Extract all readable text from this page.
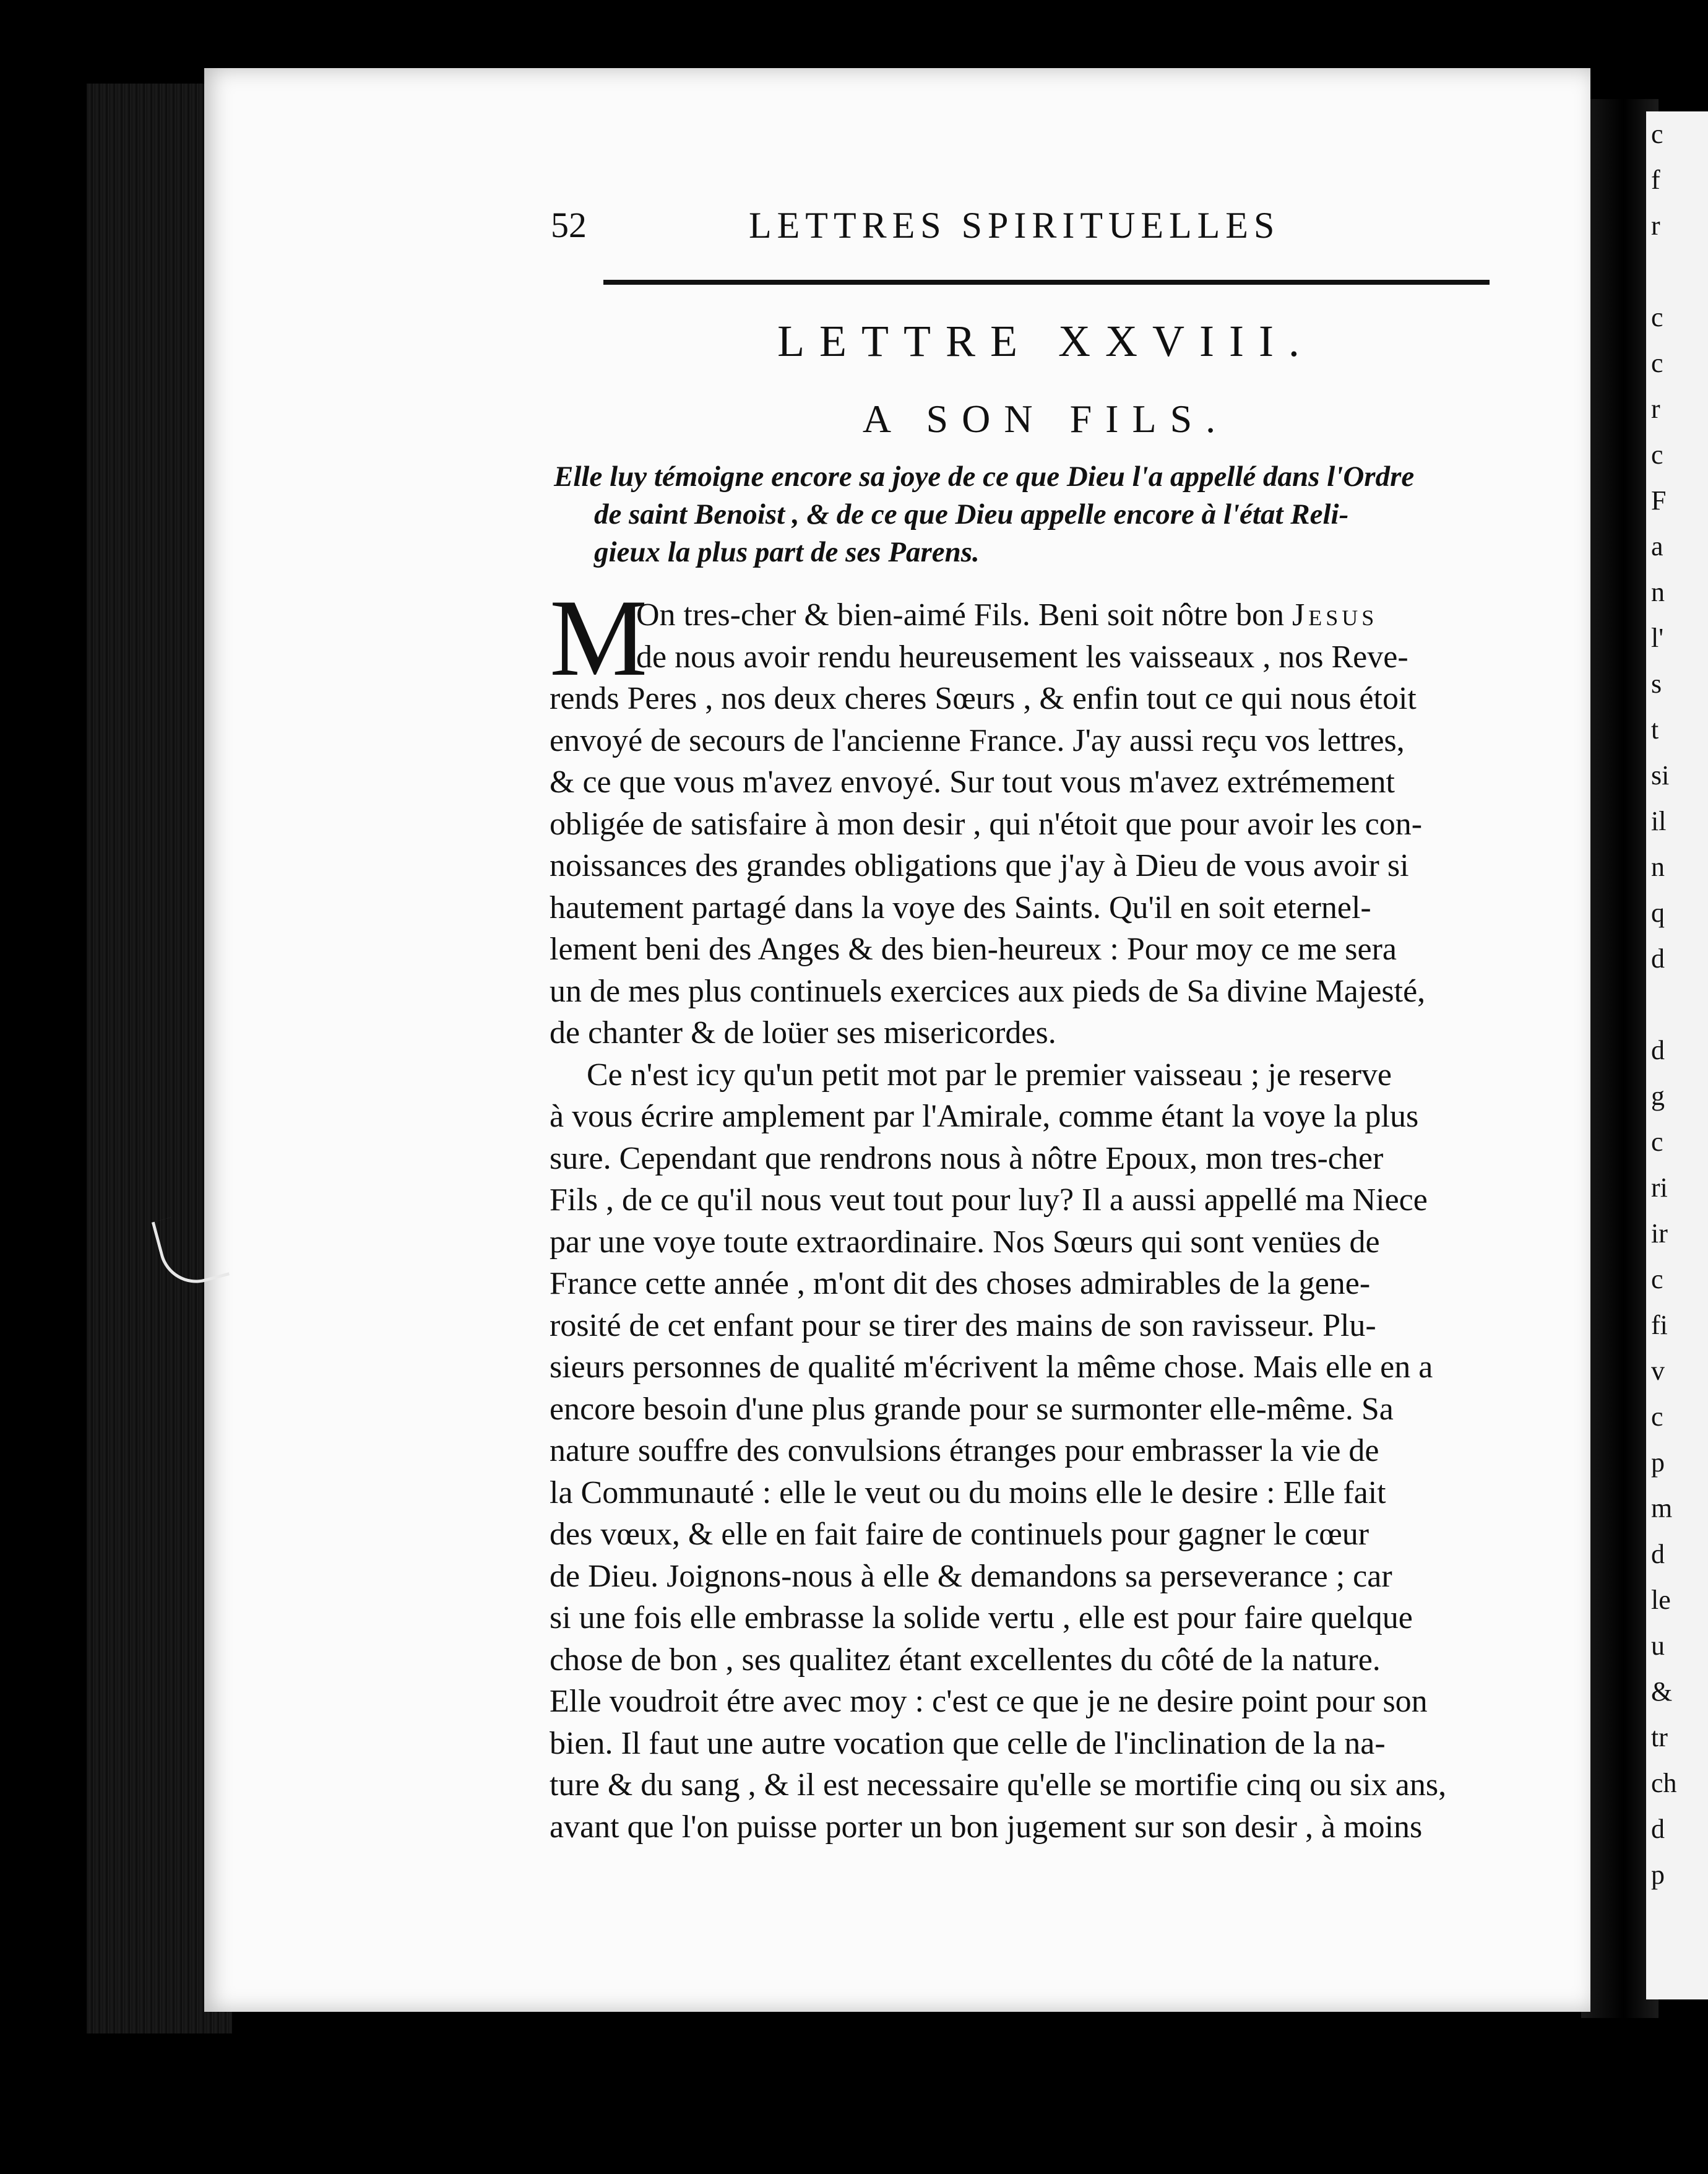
c
f
r
c
c
r
c
F
a
n
l'
s
t
si
il
n
q
d
d
g
c
ri
ir
c
fi
v
c
p
m
d
le
u
&
tr
ch
d
p
52	LETTRES SPIRITUELLES
LETTRE XXVIII.
A SON FILS.
Elle luy témoigne encore sa joye de ce que Dieu l'a appellé dans l'Ordre
de saint Benoist , & de ce que Dieu appelle encore à l'état Reli-
gieux la plus part de ses Parens.
M
On tres-cher & bien-aimé Fils. Beni soit nôtre bon Jesus
de nous avoir rendu heureusement les vaisseaux , nos Reve-
rends Peres , nos deux cheres Sœurs , & enfin tout ce qui nous étoit
envoyé de secours de l'ancienne France. J'ay aussi reçu vos lettres,
& ce que vous m'avez envoyé. Sur tout vous m'avez extrémement
obligée de satisfaire à mon desir , qui n'étoit que pour avoir les con-
noissances des grandes obligations que j'ay à Dieu de vous avoir si
hautement partagé dans la voye des Saints. Qu'il en soit eternel-
lement beni des Anges & des bien-heureux : Pour moy ce me sera
un de mes plus continuels exercices aux pieds de Sa divine Majesté,
de chanter & de loüer ses misericordes.
Ce n'est icy qu'un petit mot par le premier vaisseau ; je reserve
à vous écrire amplement par l'Amirale, comme étant la voye la plus
sure. Cependant que rendrons nous à nôtre Epoux, mon tres-cher
Fils , de ce qu'il nous veut tout pour luy? Il a aussi appellé ma Niece
par une voye toute extraordinaire. Nos Sœurs qui sont venües de
France cette année , m'ont dit des choses admirables de la gene-
rosité de cet enfant pour se tirer des mains de son ravisseur. Plu-
sieurs personnes de qualité m'écrivent la même chose. Mais elle en a
encore besoin d'une plus grande pour se surmonter elle-même. Sa
nature souffre des convulsions étranges pour embrasser la vie de
la Communauté : elle le veut ou du moins elle le desire : Elle fait
des vœux, & elle en fait faire de continuels pour gagner le cœur
de Dieu. Joignons-nous à elle & demandons sa perseverance ; car
si une fois elle embrasse la solide vertu , elle est pour faire quelque
chose de bon , ses qualitez étant excellentes du côté de la nature.
Elle voudroit étre avec moy : c'est ce que je ne desire point pour son
bien. Il faut une autre vocation que celle de l'inclination de la na-
ture & du sang , & il est necessaire qu'elle se mortifie cinq ou six ans,
avant que l'on puisse porter un bon jugement sur son desir , à moins
